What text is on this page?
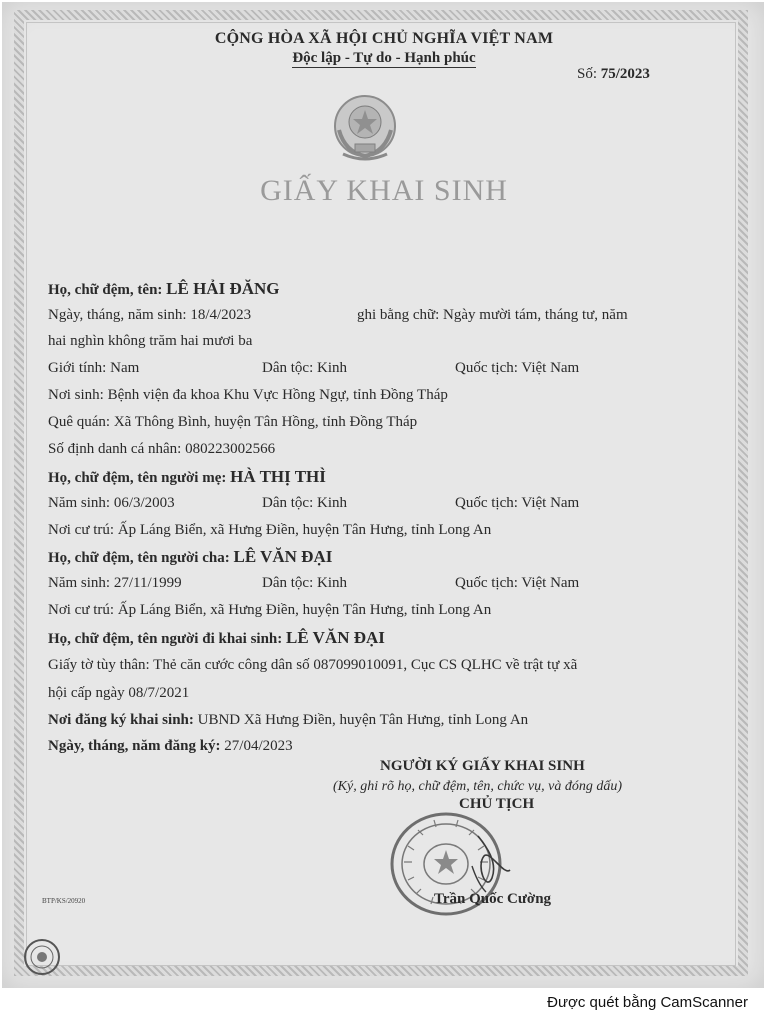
CỘNG HÒA XÃ HỘI CHỦ NGHĨA VIỆT NAM
Độc lập - Tự do - Hạnh phúc
Số: 75/2023
GIẤY KHAI SINH
Họ, chữ đệm, tên: LÊ HẢI ĐĂNG
Ngày, tháng, năm sinh: 18/4/2023	ghi bằng chữ: Ngày mười tám, tháng tư, năm
hai nghìn không trăm hai mươi ba
Giới tính: Nam	Dân tộc: Kinh	Quốc tịch: Việt Nam
Nơi sinh: Bệnh viện đa khoa Khu Vực Hồng Ngự, tỉnh Đồng Tháp
Quê quán: Xã Thông Bình, huyện Tân Hồng, tỉnh Đồng Tháp
Số định danh cá nhân: 080223002566
Họ, chữ đệm, tên người mẹ: HÀ THỊ THÌ
Năm sinh: 06/3/2003	Dân tộc: Kinh	Quốc tịch: Việt Nam
Nơi cư trú: Ấp Láng Biển, xã Hưng Điền, huyện Tân Hưng, tỉnh Long An
Họ, chữ đệm, tên người cha: LÊ VĂN ĐẠI
Năm sinh: 27/11/1999	Dân tộc: Kinh	Quốc tịch: Việt Nam
Nơi cư trú: Ấp Láng Biển, xã Hưng Điền, huyện Tân Hưng, tỉnh Long An
Họ, chữ đệm, tên người đi khai sinh: LÊ VĂN ĐẠI
Giấy tờ tùy thân: Thẻ căn cước công dân số 087099010091, Cục CS QLHC về trật tự xã
hội cấp ngày 08/7/2021
Nơi đăng ký khai sinh: UBND Xã Hưng Điền, huyện Tân Hưng, tỉnh Long An
Ngày, tháng, năm đăng ký: 27/04/2023
NGƯỜI KÝ GIẤY KHAI SINH
(Ký, ghi rõ họ, chữ đệm, tên, chức vụ, và đóng dấu)
CHỦ TỊCH
Trần Quốc Cường
BTP/KS/20920
Được quét bằng CamScanner
